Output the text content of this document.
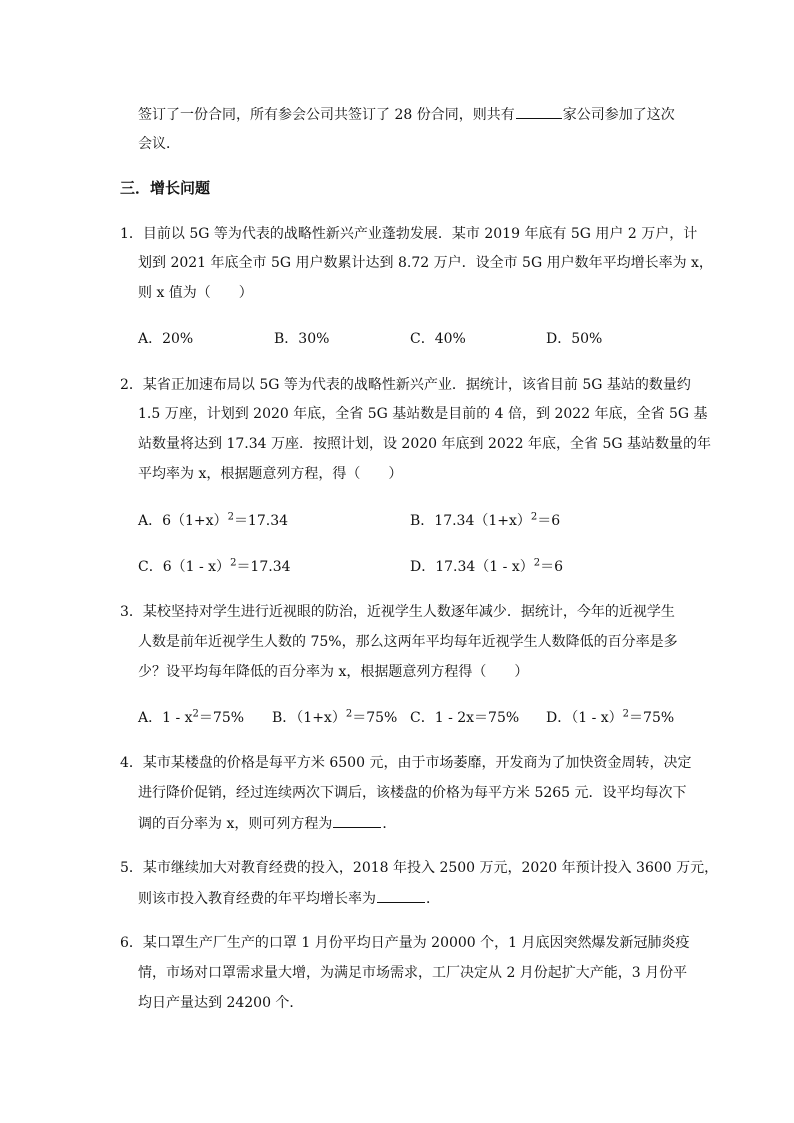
签订了一份合同，所有参会公司共签订了 28 份合同，则共有	家公司参加了这次
会议．
三．增长问题
1．目前以 5G 等为代表的战略性新兴产业蓬勃发展．某市 2019 年底有 5G 用户 2 万户，计
划到 2021 年底全市 5G 用户数累计达到 8.72 万户．设全市 5G 用户数年平均增长率为 x，
则 x 值为（　　）
A．20%	B．30%	C．40%	D．50%
2．某省正加速布局以 5G 等为代表的战略性新兴产业．据统计，该省目前 5G 基站的数量约
1.5 万座，计划到 2020 年底，全省 5G 基站数是目前的 4 倍，到 2022 年底，全省 5G 基
站数量将达到 17.34 万座．按照计划，设 2020 年底到 2022 年底，全省 5G 基站数量的年
平均率为 x，根据题意列方程，得（　　）
A．$6(1+x)^2=17.34$	B．$17.34(1+x)^2=6$
C．6（1 - x）$^2$＝17.34	D．17.34（1 - x）$^2$＝6
3．某校坚持对学生进行近视眼的防治，近视学生人数逐年减少．据统计，今年的近视学生
人数是前年近视学生人数的 75%，那么这两年平均每年近视学生人数降低的百分率是多
少？设平均每年降低的百分率为 x，根据题意列方程得（　　）
A．$1 - x^2=75\%$ B．$(1+x)^2=75\%$ C．1 - 2x＝75% D．（1 - x）$^2$＝75%
4．某市某楼盘的价格是每平方米 6500 元，由于市场萎靡，开发商为了加快资金周转，决定
进行降价促销，经过连续两次下调后，该楼盘的价格为每平方米 5265 元．设平均每次下
调的百分率为 x，则可列方程为	．
5．某市继续加大对教育经费的投入，2018 年投入 2500 万元，2020 年预计投入 3600 万元，
则该市投入教育经费的年平均增长率为	．
6．某口罩生产厂生产的口罩 1 月份平均日产量为 20000 个，1 月底因突然爆发新冠肺炎疫
情，市场对口罩需求量大增，为满足市场需求，工厂决定从 2 月份起扩大产能，3 月份平
均日产量达到 24200 个．
